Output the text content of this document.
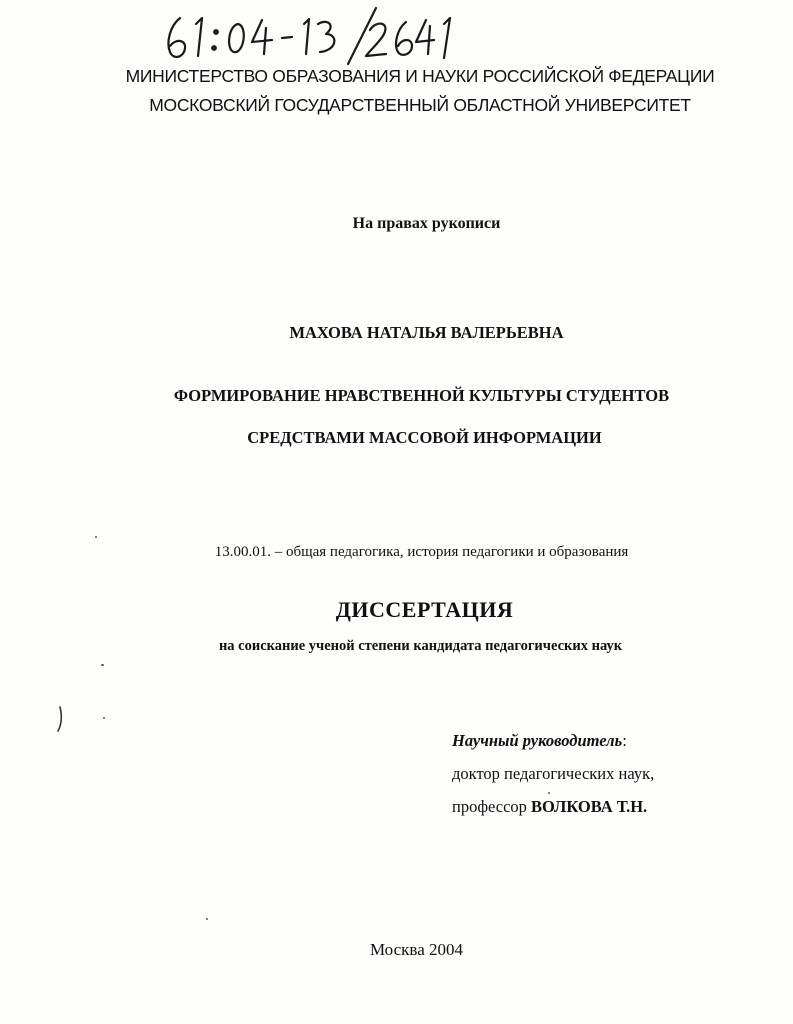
МИНИСТЕРСТВО ОБРАЗОВАНИЯ И НАУКИ РОССИЙСКОЙ ФЕДЕРАЦИИ
МОСКОВСКИЙ ГОСУДАРСТВЕННЫЙ ОБЛАСТНОЙ УНИВЕРСИТЕТ
На правах рукописи
МАХОВА НАТАЛЬЯ ВАЛЕРЬЕВНА
ФОРМИРОВАНИЕ НРАВСТВЕННОЙ КУЛЬТУРЫ СТУДЕНТОВ
СРЕДСТВАМИ МАССОВОЙ ИНФОРМАЦИИ
13.00.01. – общая педагогика, история педагогики и образования
ДИССЕРТАЦИЯ
на соискание ученой степени кандидата педагогических наук
Научный руководитель:
доктор педагогических наук,
профессор ВОЛКОВА Т.Н.
Москва 2004
